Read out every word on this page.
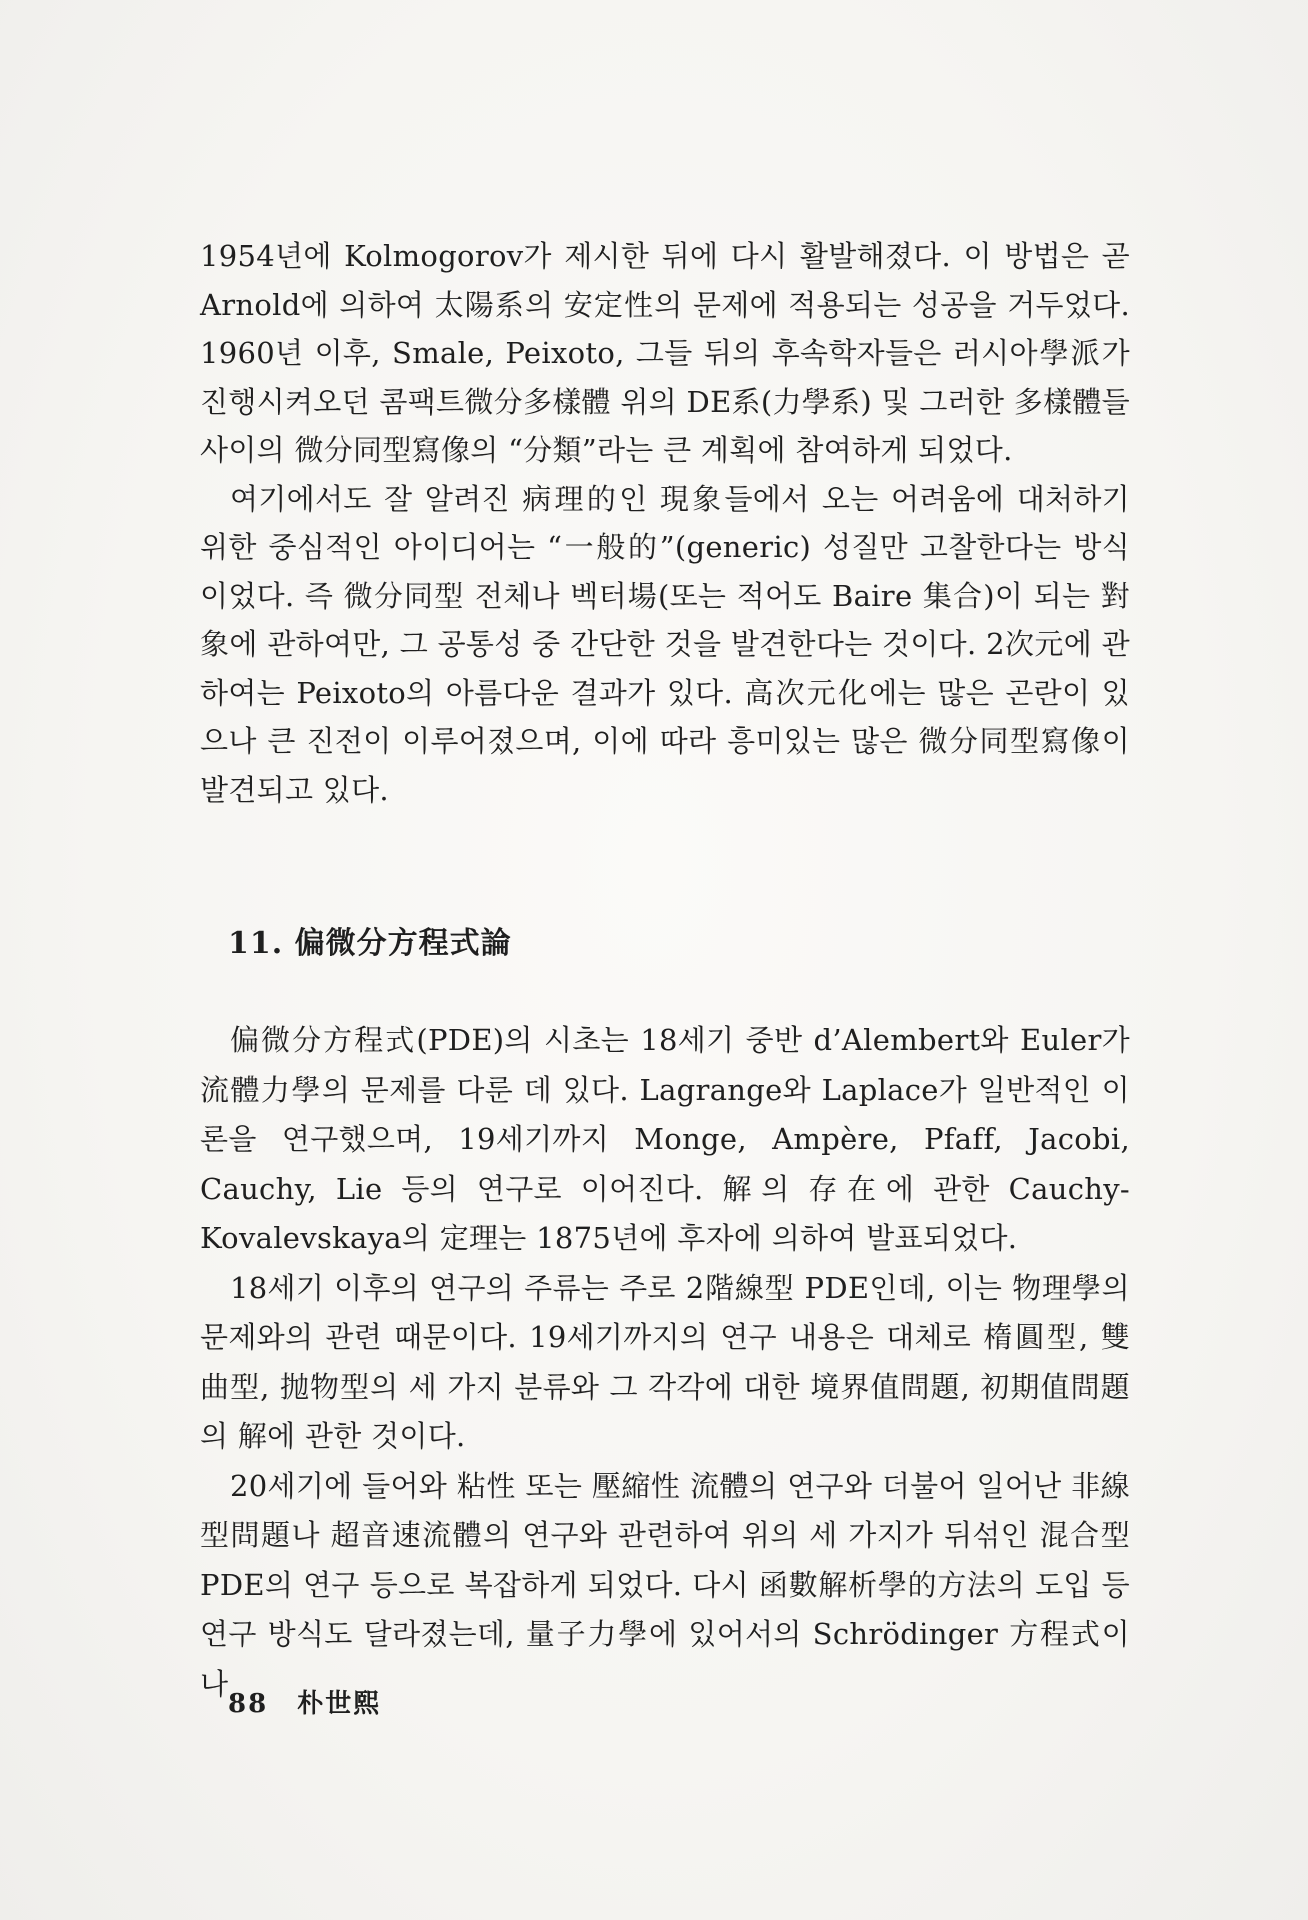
1954년에 Kolmogorov가 제시한 뒤에 다시 활발해졌다. 이 방법은 곧 Arnold에 의하여 太陽系의 安定性의 문제에 적용되는 성공을 거두었다. 1960년 이후, Smale, Peixoto, 그들 뒤의 후속학자들은 러시아學派가 진행시켜오던 콤팩트微分多樣體 위의 DE系(力學系) 및 그러한 多樣體들 사이의 微分同型寫像의 “分類”라는 큰 계획에 참여하게 되었다.

여기에서도 잘 알려진 病理的인 現象들에서 오는 어려움에 대처하기 위한 중심적인 아이디어는 “一般的”(generic) 성질만 고찰한다는 방식이었다. 즉 微分同型 전체나 벡터場(또는 적어도 Baire 集合)이 되는 對象에 관하여만, 그 공통성 중 간단한 것을 발견한다는 것이다. 2次元에 관하여는 Peixoto의 아름다운 결과가 있다. 高次元化에는 많은 곤란이 있으나 큰 진전이 이루어졌으며, 이에 따라 흥미있는 많은 微分同型寫像이 발견되고 있다.

11. 偏微分方程式論

偏微分方程式(PDE)의 시초는 18세기 중반 d’Alembert와 Euler가 流體力學의 문제를 다룬 데 있다. Lagrange와 Laplace가 일반적인 이론을 연구했으며, 19세기까지 Monge, Ampère, Pfaff, Jacobi, Cauchy, Lie 등의 연구로 이어진다. 解의 存在에 관한 Cauchy-Kovalevskaya의 定理는 1875년에 후자에 의하여 발표되었다.

18세기 이후의 연구의 주류는 주로 2階線型 PDE인데, 이는 物理學의 문제와의 관련 때문이다. 19세기까지의 연구 내용은 대체로 楕圓型, 雙曲型, 抛物型의 세 가지 분류와 그 각각에 대한 境界值問題, 初期值問題의 解에 관한 것이다.

20세기에 들어와 粘性 또는 壓縮性 流體의 연구와 더불어 일어난 非線型問題나 超音速流體의 연구와 관련하여 위의 세 가지가 뒤섞인 混合型 PDE의 연구 등으로 복잡하게 되었다. 다시 函數解析學的方法의 도입 등 연구 방식도 달라졌는데, 量子力學에 있어서의 Schrödinger 方程式이나

88 朴世熙
